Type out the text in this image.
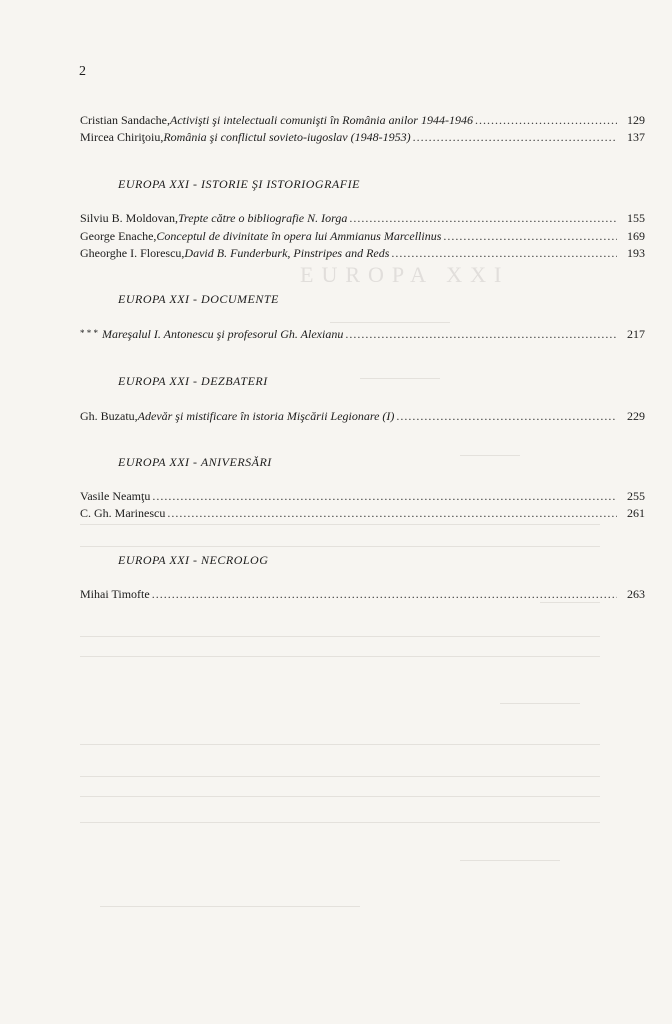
EUROPA XXI
2
Cristian Sandache, Activişti şi intelectuali comunişti în România anilor 1944-1946 .....	129
Mircea Chiriţoiu, România şi conflictul sovieto-iugoslav (1948-1953) .....	137
EUROPA XXI - ISTORIE ŞI ISTORIOGRAFIE
Silviu B. Moldovan, Trepte către o bibliografie N. Iorga .....	155
George Enache, Conceptul de divinitate în opera lui Ammianus Marcellinus .....	169
Gheorghe I. Florescu, David B. Funderburk, Pinstripes and Reds .....	193
EUROPA XXI - DOCUMENTE
* * * Mareşalul I. Antonescu şi profesorul Gh. Alexianu .....	217
EUROPA XXI - DEZBATERI
Gh. Buzatu, Adevăr şi mistificare în istoria Mişcării Legionare (I) .....	229
EUROPA XXI - ANIVERSĂRI
Vasile Neamţu .....	255
C. Gh. Marinescu .....	261
EUROPA XXI - NECROLOG
Mihai Timofte .....	263
